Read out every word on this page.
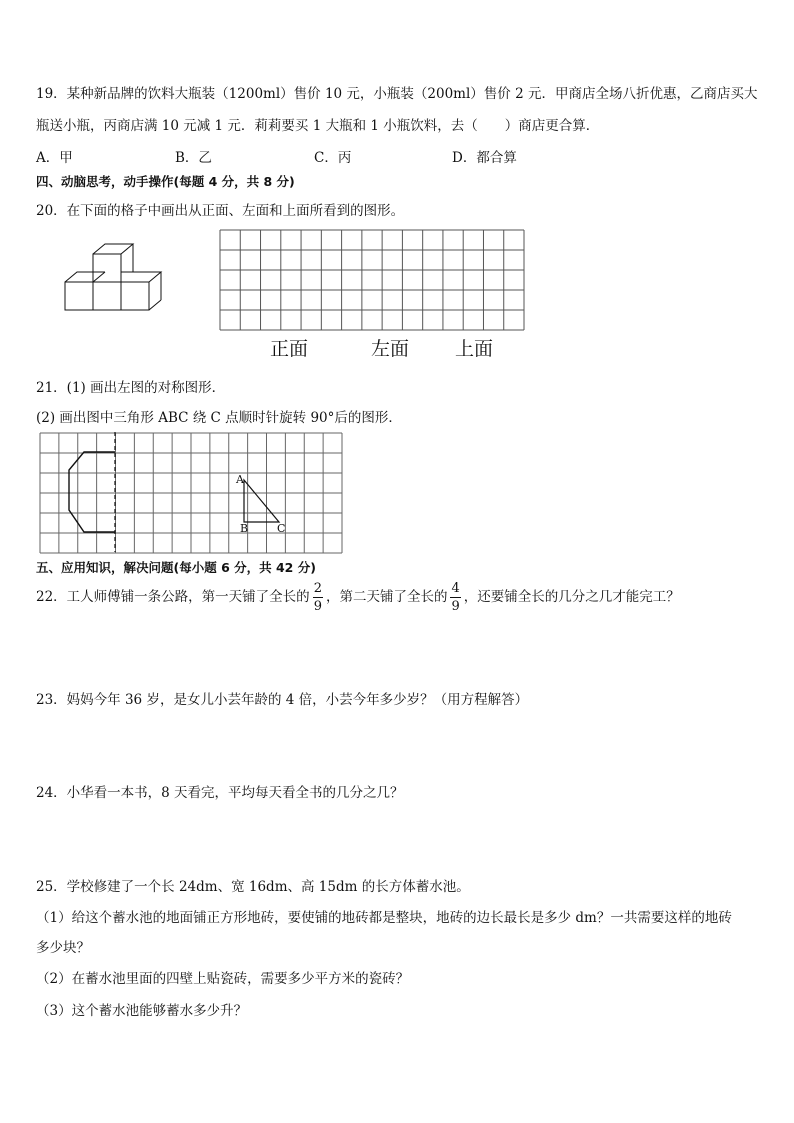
19．某种新品牌的饮料大瓶装（1200ml）售价 10 元，小瓶装（200ml）售价 2 元．甲商店全场八折优惠，乙商店买大
瓶送小瓶，丙商店满 10 元减 1 元．莉莉要买 1 大瓶和 1 小瓶饮料，去（　　）商店更合算．
A．甲	B．乙	C．丙	D．都合算
四、动脑思考，动手操作(每题 4 分，共 8 分)
20．在下面的格子中画出从正面、左面和上面所看到的图形。
正面	左面 上面
21．(1) 画出左图的对称图形．
(2) 画出图中三角形 ABC 绕 C 点顺时针旋转 90°后的图形．
A
B	C
五、应用知识，解决问题(每小题 6 分，共 42 分)
22．工人师傅铺一条公路，第一天铺了全长的 $\frac{2}{9}$ ，第二天铺了全长的 $\frac{4}{9}$ ，还要铺全长的几分之几才能完工？
23．妈妈今年 36 岁，是女儿小芸年龄的 4 倍，小芸今年多少岁？（用方程解答）
24．小华看一本书，8 天看完，平均每天看全书的几分之几？
25．学校修建了一个长 24dm、宽 16dm、高 15dm 的长方体蓄水池。
（1）给这个蓄水池的地面铺正方形地砖，要使铺的地砖都是整块，地砖的边长最长是多少 dm？一共需要这样的地砖
多少块？
（2）在蓄水池里面的四壁上贴瓷砖，需要多少平方米的瓷砖？
（3）这个蓄水池能够蓄水多少升？
